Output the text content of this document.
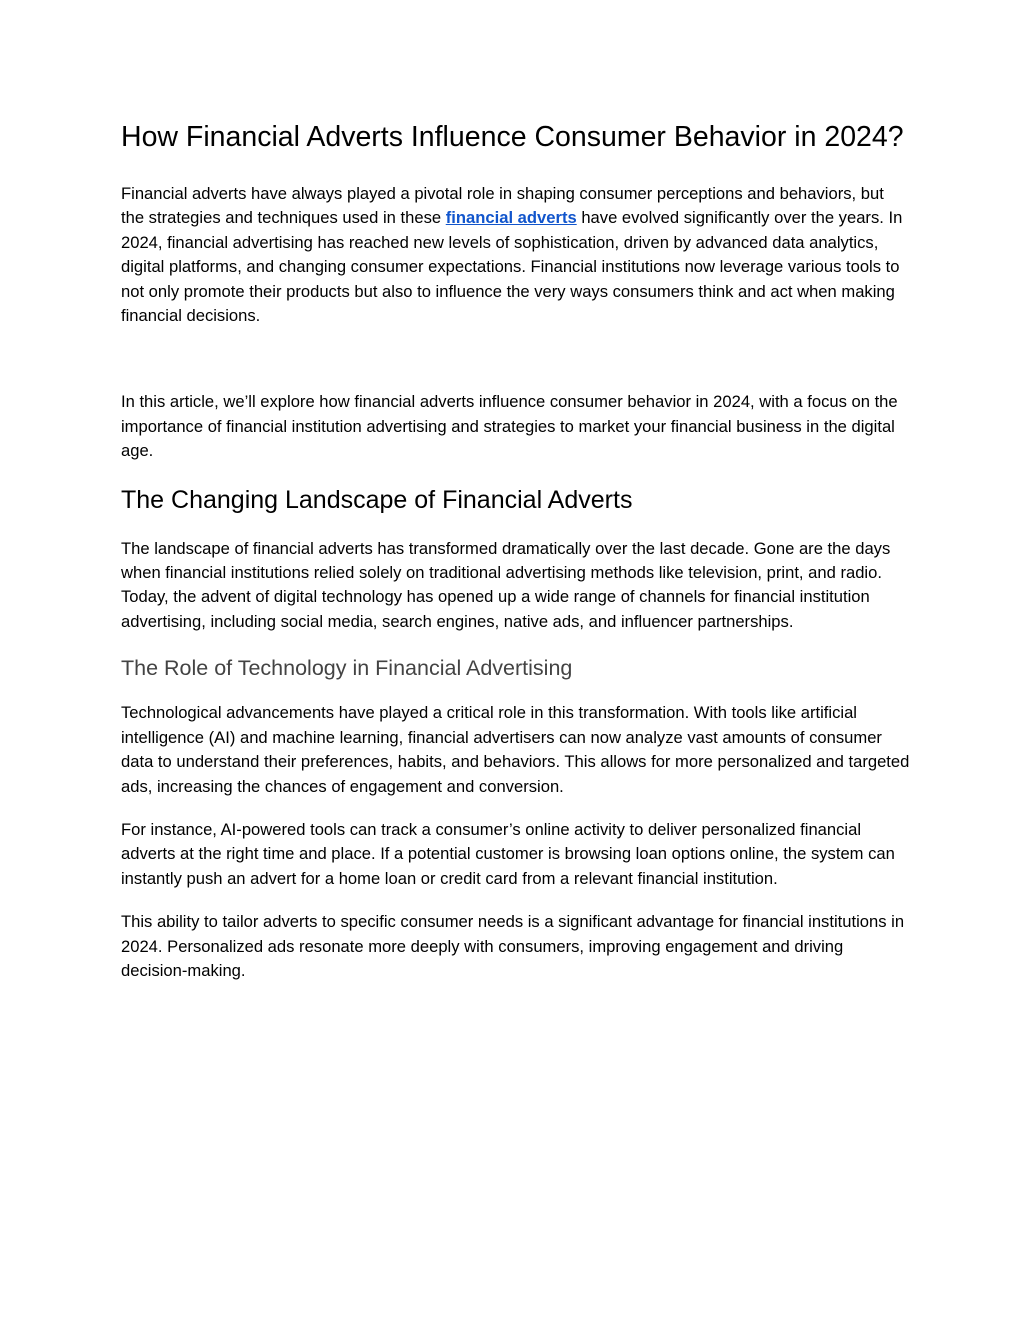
How Financial Adverts Influence Consumer Behavior in 2024?

Financial adverts have always played a pivotal role in shaping consumer perceptions and behaviors, but the strategies and techniques used in these financial adverts have evolved significantly over the years. In 2024, financial advertising has reached new levels of sophistication, driven by advanced data analytics, digital platforms, and changing consumer expectations. Financial institutions now leverage various tools to not only promote their products but also to influence the very ways consumers think and act when making financial decisions.

In this article, we’ll explore how financial adverts influence consumer behavior in 2024, with a focus on the importance of financial institution advertising and strategies to market your financial business in the digital age.

The Changing Landscape of Financial Adverts

The landscape of financial adverts has transformed dramatically over the last decade. Gone are the days when financial institutions relied solely on traditional advertising methods like television, print, and radio. Today, the advent of digital technology has opened up a wide range of channels for financial institution advertising, including social media, search engines, native ads, and influencer partnerships.

The Role of Technology in Financial Advertising

Technological advancements have played a critical role in this transformation. With tools like artificial intelligence (AI) and machine learning, financial advertisers can now analyze vast amounts of consumer data to understand their preferences, habits, and behaviors. This allows for more personalized and targeted ads, increasing the chances of engagement and conversion.

For instance, AI-powered tools can track a consumer’s online activity to deliver personalized financial adverts at the right time and place. If a potential customer is browsing loan options online, the system can instantly push an advert for a home loan or credit card from a relevant financial institution.

This ability to tailor adverts to specific consumer needs is a significant advantage for financial institutions in 2024. Personalized ads resonate more deeply with consumers, improving engagement and driving decision-making.
